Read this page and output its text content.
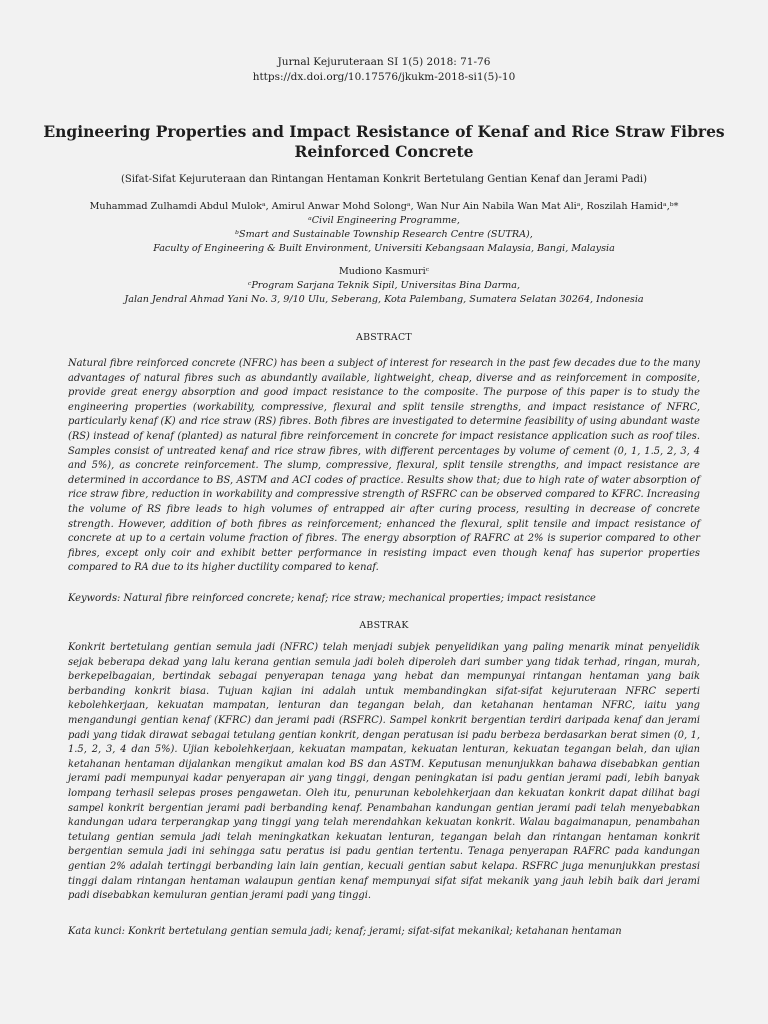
Jurnal Kejuruteraan SI 1(5) 2018: 71-76
https://dx.doi.org/10.17576/jkukm-2018-si1(5)-10
Engineering Properties and Impact Resistance of Kenaf and Rice Straw Fibres
Reinforced Concrete
(Sifat-Sifat Kejuruteraan dan Rintangan Hentaman Konkrit Bertetulang Gentian Kenaf dan Jerami Padi)
Muhammad Zulhamdi Abdul Mulokᵃ, Amirul Anwar Mohd Solongᵃ, Wan Nur Ain Nabila Wan Mat Aliᵃ, Roszilah Hamidᵃ,ᵇ*
ᵃCivil Engineering Programme,
ᵇSmart and Sustainable Township Research Centre (SUTRA),
Faculty of Engineering & Built Environment, Universiti Kebangsaan Malaysia, Bangi, Malaysia
Mudiono Kasmuriᶜ
ᶜProgram Sarjana Teknik Sipil, Universitas Bina Darma,
Jalan Jendral Ahmad Yani No. 3, 9/10 Ulu, Seberang, Kota Palembang, Sumatera Selatan 30264, Indonesia
ABSTRACT

Natural fibre reinforced concrete (NFRC) has been a subject of interest for research in the past few decades due to the many advantages of natural fibres such as abundantly available, lightweight, cheap, diverse and as reinforcement in composite, provide great energy absorption and good impact resistance to the composite. The purpose of this paper is to study the engineering properties (workability, compressive, flexural and split tensile strengths, and impact resistance of NFRC, particularly kenaf (K) and rice straw (RS) fibres. Both fibres are investigated to determine feasibility of using abundant waste (RS) instead of kenaf (planted) as natural fibre reinforcement in concrete for impact resistance application such as roof tiles. Samples consist of untreated kenaf and rice straw fibres, with different percentages by volume of cement (0, 1, 1.5, 2, 3, 4 and 5%), as concrete reinforcement. The slump, compressive, flexural, split tensile strengths, and impact resistance are determined in accordance to BS, ASTM and ACI codes of practice. Results show that; due to high rate of water absorption of rice straw fibre, reduction in workability and compressive strength of RSFRC can be observed compared to KFRC. Increasing the volume of RS fibre leads to high volumes of entrapped air after curing process, resulting in decrease of concrete strength. However, addition of both fibres as reinforcement; enhanced the flexural, split tensile and impact resistance of concrete at up to a certain volume fraction of fibres. The energy absorption of RAFRC at 2% is superior compared to other fibres, except only coir and exhibit better performance in resisting impact even though kenaf has superior properties compared to RA due to its higher ductility compared to kenaf.

Keywords: Natural fibre reinforced concrete; kenaf; rice straw; mechanical properties; impact resistance
ABSTRAK

Konkrit bertetulang gentian semula jadi (NFRC) telah menjadi subjek penyelidikan yang paling menarik minat penyelidik sejak beberapa dekad yang lalu kerana gentian semula jadi boleh diperoleh dari sumber yang tidak terhad, ringan, murah, berkepelbagaian, bertindak sebagai penyerapan tenaga yang hebat dan mempunyai rintangan hentaman yang baik berbanding konkrit biasa. Tujuan kajian ini adalah untuk membandingkan sifat-sifat kejuruteraan NFRC seperti kebolehkerjaan, kekuatan mampatan, lenturan dan tegangan belah, dan ketahanan hentaman NFRC, iaitu yang mengandungi gentian kenaf (KFRC) dan jerami padi (RSFRC). Sampel konkrit bergentian terdiri daripada kenaf dan jerami padi yang tidak dirawat sebagai tetulang gentian konkrit, dengan peratusan isi padu berbeza berdasarkan berat simen (0, 1, 1.5, 2, 3, 4 dan 5%). Ujian kebolehkerjaan, kekuatan mampatan, kekuatan lenturan, kekuatan tegangan belah, dan ujian ketahanan hentaman dijalankan mengikut amalan kod BS dan ASTM. Keputusan menunjukkan bahawa disebabkan gentian jerami padi mempunyai kadar penyerapan air yang tinggi, dengan peningkatan isi padu gentian jerami padi, lebih banyak lompang terhasil selepas proses pengawetan. Oleh itu, penurunan kebolehkerjaan dan kekuatan konkrit dapat dilihat bagi sampel konkrit bergentian jerami padi berbanding kenaf. Penambahan kandungan gentian jerami padi telah menyebabkan kandungan udara terperangkap yang tinggi yang telah merendahkan kekuatan konkrit. Walau bagaimanapun, penambahan tetulang gentian semula jadi telah meningkatkan kekuatan lenturan, tegangan belah dan rintangan hentaman konkrit bergentian semula jadi ini sehingga satu peratus isi padu gentian tertentu. Tenaga penyerapan RAFRC pada kandungan gentian 2% adalah tertinggi berbanding lain lain gentian, kecuali gentian sabut kelapa. RSFRC juga menunjukkan prestasi tinggi dalam rintangan hentaman walaupun gentian kenaf mempunyai sifat sifat mekanik yang jauh lebih baik dari jerami padi disebabkan kemuluran gentian jerami padi yang tinggi.

Kata kunci: Konkrit bertetulang gentian semula jadi; kenaf; jerami; sifat-sifat mekanikal; ketahanan hentaman
